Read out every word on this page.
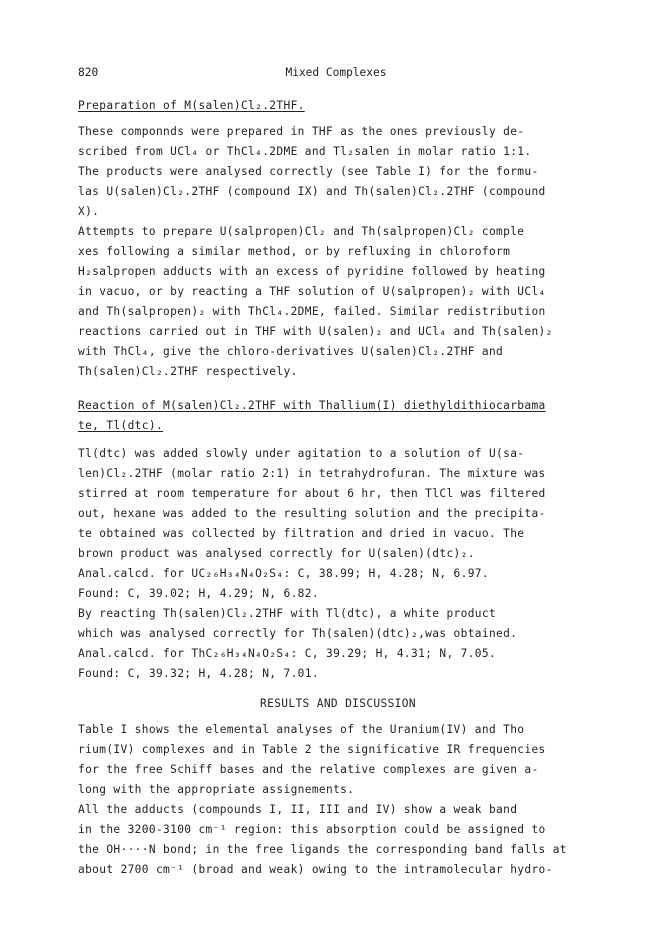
820	Mixed Complexes
Preparation of M(salen)Cl₂.2THF.
These componnds were prepared in THF as the ones previously de-
scribed from UCl₄ or ThCl₄.2DME and Tl₂salen in molar ratio 1:1.
The products were analysed correctly (see Table I) for the formu-
las U(salen)Cl₂.2THF (compound IX) and Th(salen)Cl₂.2THF (compound
X).
Attempts to prepare U(salpropen)Cl₂ and Th(salpropen)Cl₂ comple
xes following a similar method, or by refluxing in chloroform
H₂salpropen adducts with an excess of pyridine followed by heating
in vacuo, or by reacting a THF solution of U(salpropen)₂ with UCl₄
and Th(salpropen)₂ with ThCl₄.2DME, failed. Similar redistribution
reactions carried out in THF with U(salen)₂ and UCl₄ and Th(salen)₂
with ThCl₄, give the chloro-derivatives U(salen)Cl₂.2THF and
Th(salen)Cl₂.2THF respectively.
Reaction of M(salen)Cl₂.2THF with Thallium(I) diethyldithiocarbama
te, Tl(dtc).
Tl(dtc) was added slowly under agitation to a solution of U(sa-
len)Cl₂.2THF (molar ratio 2:1) in tetrahydrofuran. The mixture was
stirred at room temperature for about 6 hr, then TlCl was filtered
out, hexane was added to the resulting solution and the precipita-
te obtained was collected by filtration and dried in vacuo. The
brown product was analysed correctly for U(salen)(dtc)₂.
Anal.calcd. for UC₂₆H₃₄N₄O₂S₄: C, 38.99; H, 4.28; N, 6.97.
Found: C, 39.02; H, 4.29; N, 6.82.
By reacting Th(salen)Cl₂.2THF with Tl(dtc), a white product
which was analysed correctly for Th(salen)(dtc)₂,was obtained.
Anal.calcd. for ThC₂₆H₃₄N₄O₂S₄: C, 39.29; H, 4.31; N, 7.05.
Found: C, 39.32; H, 4.28; N, 7.01.
RESULTS AND DISCUSSION
Table I shows the elemental analyses of the Uranium(IV) and Tho
rium(IV) complexes and in Table 2 the significative IR frequencies
for the free Schiff bases and the relative complexes are given a-
long with the appropriate assignements.
All the adducts (compounds I, II, III and IV) show a weak band
in the 3200-3100 cm⁻¹ region: this absorption could be assigned to
the OH····N bond; in the free ligands the corresponding band falls at
about 2700 cm⁻¹ (broad and weak) owing to the intramolecular hydro-
